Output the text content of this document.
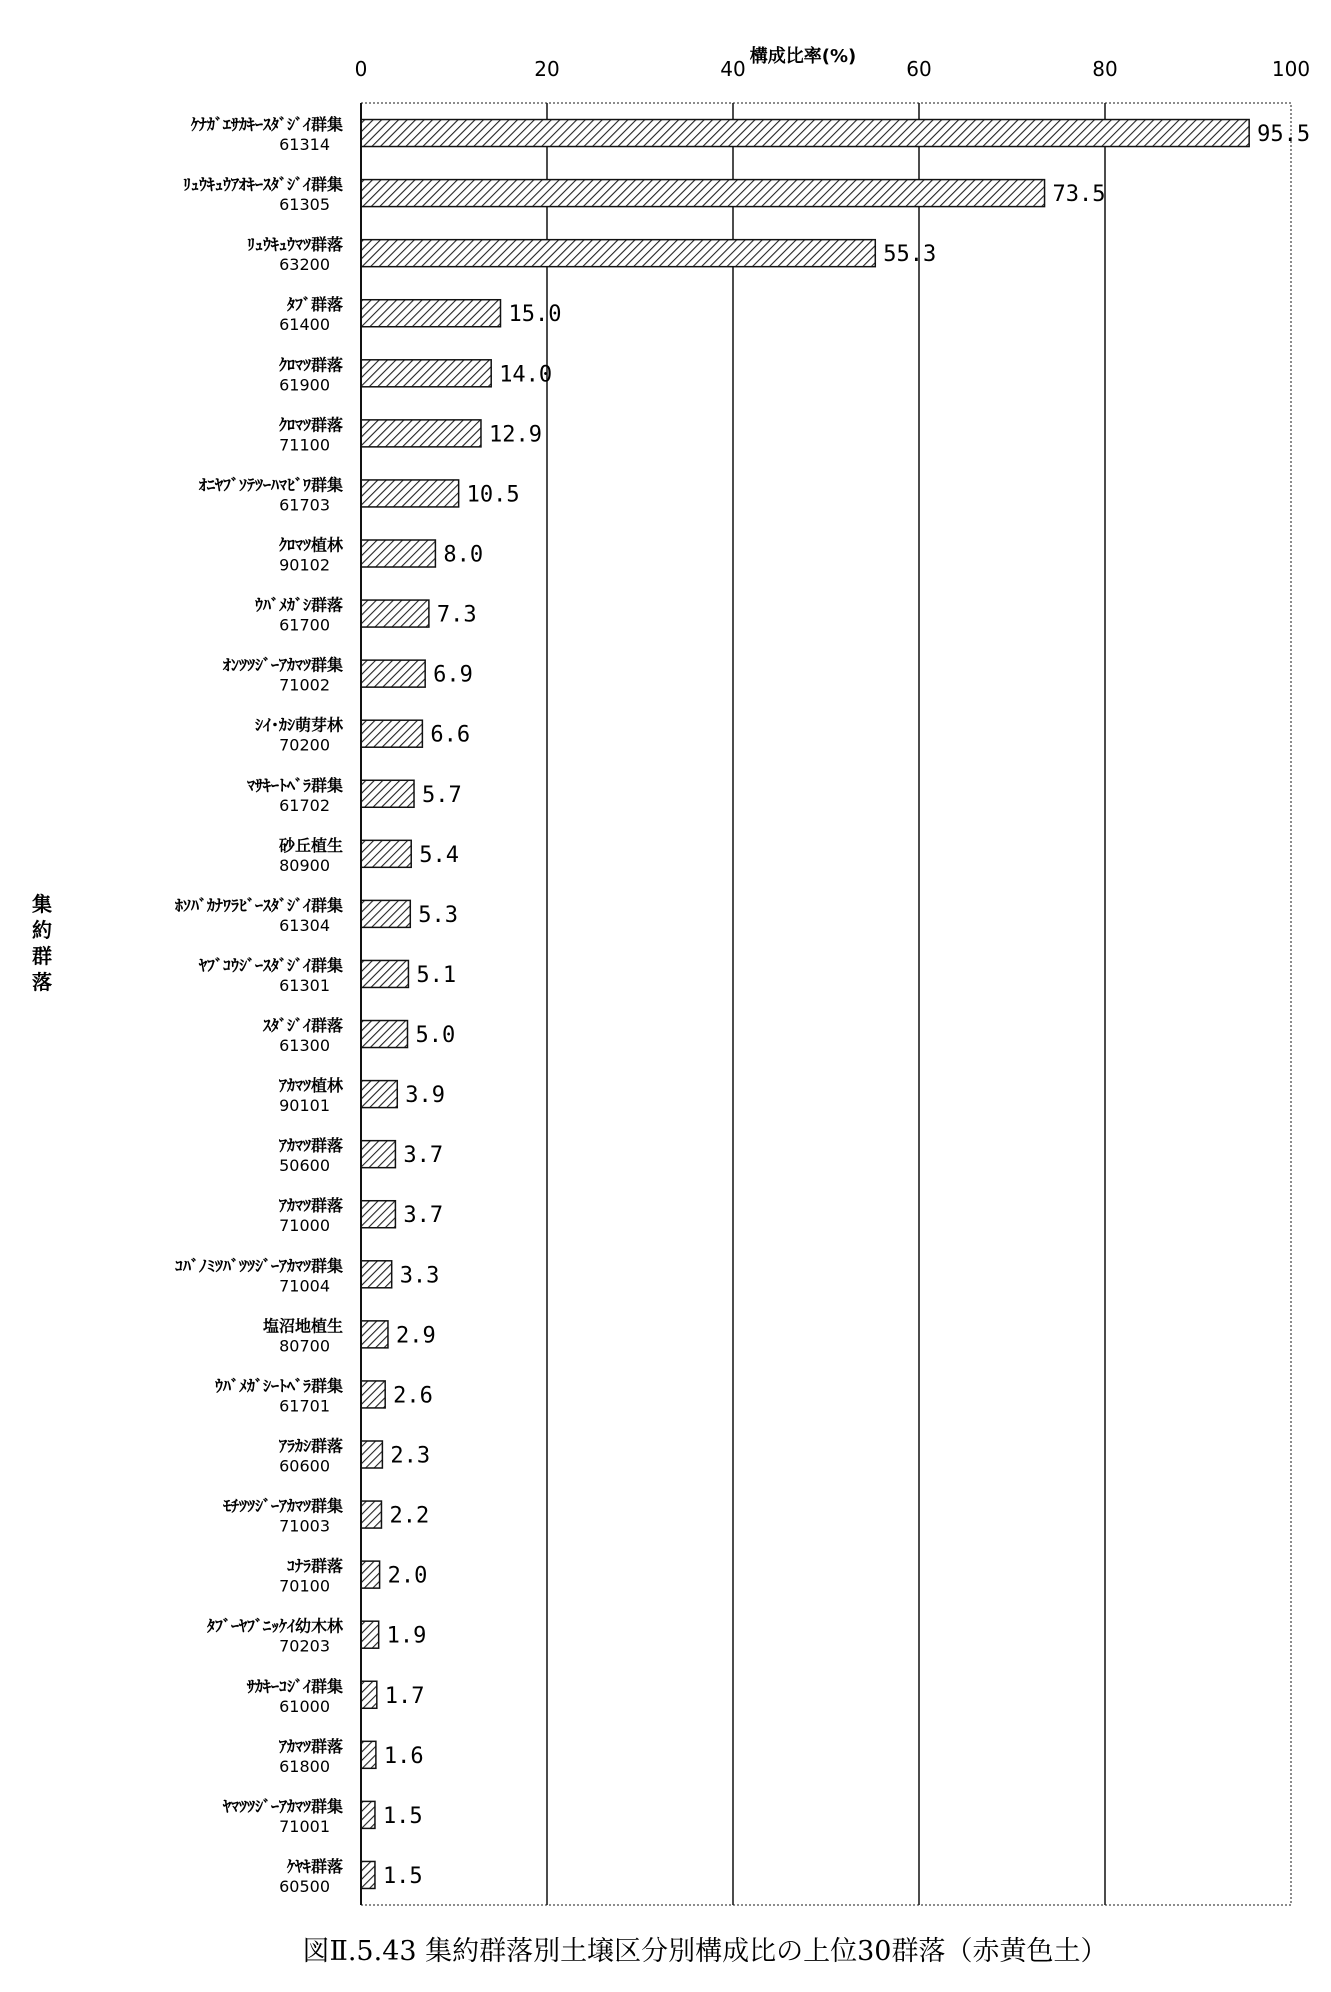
構成比率(%)
集
約
群
落
0	20	40	60	80	100
95.5
73.5
55.3
15.0
14.0
12.9
10.5
8.0
7.3
6.9
6.6
5.7
5.4
5.3
5.1
5.0
3.9
3.7
3.7
3.3
2.9
2.6
2.3
2.2
2.0
1.9
1.7
1.6
1.5
1.5
ｹﾅｶﾞｴｻｶｷｰｽﾀﾞｼﾞｲ群集
61314
ﾘｭｳｷｭｳｱｵｷｰｽﾀﾞｼﾞｲ群集
61305
ﾘｭｳｷｭｳﾏﾂ群落
63200
ﾀﾌﾞ群落
61400
ｸﾛﾏﾂ群落
61900
ｸﾛﾏﾂ群落
71100
ｵﾆﾔﾌﾞｿﾃﾂｰﾊﾏﾋﾞﾜ群集
61703
ｸﾛﾏﾂ植林
90102
ｳﾊﾞﾒｶﾞｼ群落
61700
ｵﾝﾂﾂｼﾞｰｱｶﾏﾂ群集
71002
ｼｲ･ｶｼ萌芽林
70200
ﾏｻｷｰﾄﾍﾞﾗ群集
61702
砂丘植生
80900
ﾎｿﾊﾞｶﾅﾜﾗﾋﾞｰｽﾀﾞｼﾞｲ群集
61304
ﾔﾌﾞｺｳｼﾞｰｽﾀﾞｼﾞｲ群集
61301
ｽﾀﾞｼﾞｲ群落
61300
ｱｶﾏﾂ植林
90101
ｱｶﾏﾂ群落
50600
ｱｶﾏﾂ群落
71000
ｺﾊﾞﾉﾐﾂﾊﾞﾂﾂｼﾞｰｱｶﾏﾂ群集
71004
塩沼地植生
80700
ｳﾊﾞﾒｶﾞｼｰﾄﾍﾞﾗ群集
61701
ｱﾗｶｼ群落
60600
ﾓﾁﾂﾂｼﾞｰｱｶﾏﾂ群集
71003
ｺﾅﾗ群落
70100
ﾀﾌﾞｰﾔﾌﾞﾆｯｹｲ幼木林
70203
ｻｶｷｰｺｼﾞｲ群集
61000
ｱｶﾏﾂ群落
61800
ﾔﾏﾂﾂｼﾞｰｱｶﾏﾂ群集
71001
ｹﾔｷ群落
60500
図Ⅱ.5.43 集約群落別土壌区分別構成比の上位30群落（赤黄色土）
